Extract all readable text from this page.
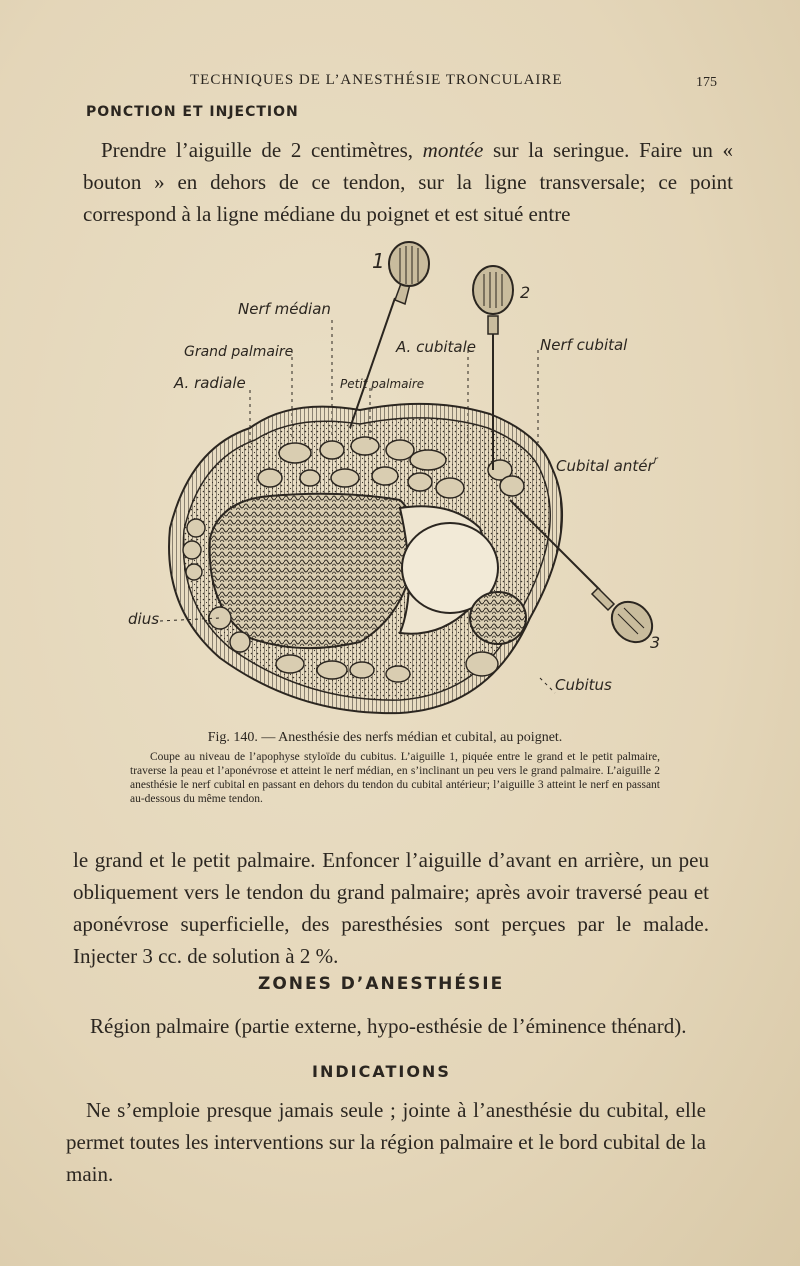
TECHNIQUES DE L’ANESTHÉSIE TRONCULAIRE	175
PONCTION ET INJECTION

Prendre l’aiguille de 2 centimètres, montée sur la seringue. Faire un « bouton » en dehors de ce tendon, sur la ligne transversale; ce point correspond à la ligne médiane du poignet et est situé entre

1
2
3
Nerf médian
Grand palmaire
A. radiale
A. cubitale
Petit palmaire
Nerf cubital
Cubital antér$^r$
dius
Cubitus
Fig. 140. — Anesthésie des nerfs médian et cubital, au poignet.
Coupe au niveau de l’apophyse styloïde du cubitus. L’aiguille 1, piquée entre le grand et le petit palmaire, traverse la peau et l’aponévrose et atteint le nerf médian, en s’inclinant un peu vers le grand palmaire. L’aiguille 2 anesthésie le nerf cubital en passant en dehors du tendon du cubital antérieur; l’aiguille 3 atteint le nerf en passant au-dessous du même tendon.

le grand et le petit palmaire. Enfoncer l’aiguille d’avant en arrière, un peu obliquement vers le tendon du grand palmaire; après avoir traversé peau et aponévrose superficielle, des paresthésies sont perçues par le malade. Injecter 3 cc. de solution à 2 %.

ZONES D’ANESTHÉSIE

Région palmaire (partie externe, hypo-esthésie de l’éminence thénard).

INDICATIONS

Ne s’emploie presque jamais seule ; jointe à l’anesthésie du cubital, elle permet toutes les interventions sur la région palmaire et le bord cubital de la main.
